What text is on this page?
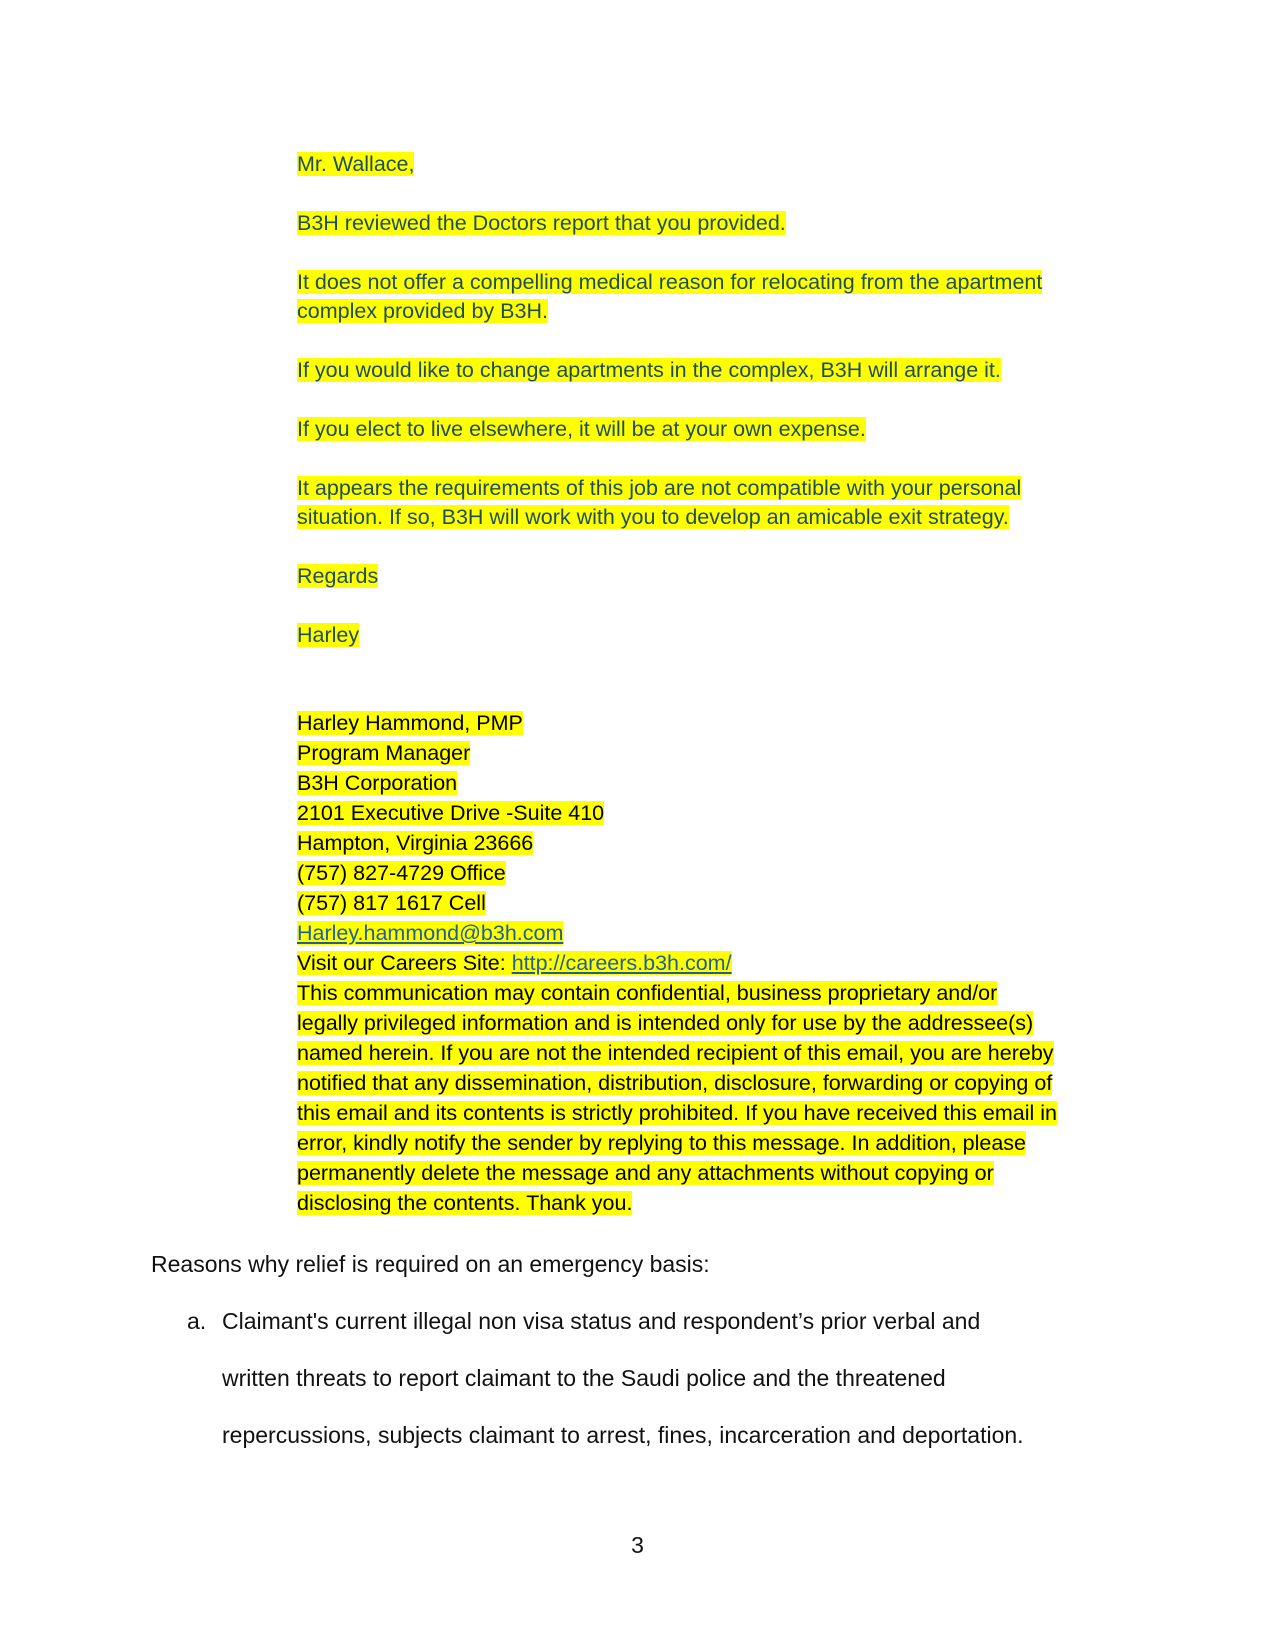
Mr. Wallace,
B3H reviewed the Doctors report that you provided.
It does not offer a compelling medical reason for relocating from the apartment
complex provided by B3H.
If you would like to change apartments in the complex, B3H will arrange it.
If you elect to live elsewhere, it will be at your own expense.
It appears the requirements of this job are not compatible with your personal
situation. If so, B3H will work with you to develop an amicable exit strategy.
Regards
Harley
Harley Hammond, PMP
Program Manager
B3H Corporation
2101 Executive Drive -Suite 410
Hampton, Virginia 23666
(757) 827-4729 Office
(757) 817 1617 Cell
Harley.hammond@b3h.com
Visit our Careers Site: http://careers.b3h.com/
This communication may contain confidential, business proprietary and/or
legally privileged information and is intended only for use by the addressee(s)
named herein. If you are not the intended recipient of this email, you are hereby
notified that any dissemination, distribution, disclosure, forwarding or copying of
this email and its contents is strictly prohibited. If you have received this email in
error, kindly notify the sender by replying to this message. In addition, please
permanently delete the message and any attachments without copying or
disclosing the contents. Thank you.
Reasons why relief is required on an emergency basis:
a. Claimant's current illegal non visa status and respondent’s prior verbal and
written threats to report claimant to the Saudi police and the threatened
repercussions, subjects claimant to arrest, fines, incarceration and deportation.
3
